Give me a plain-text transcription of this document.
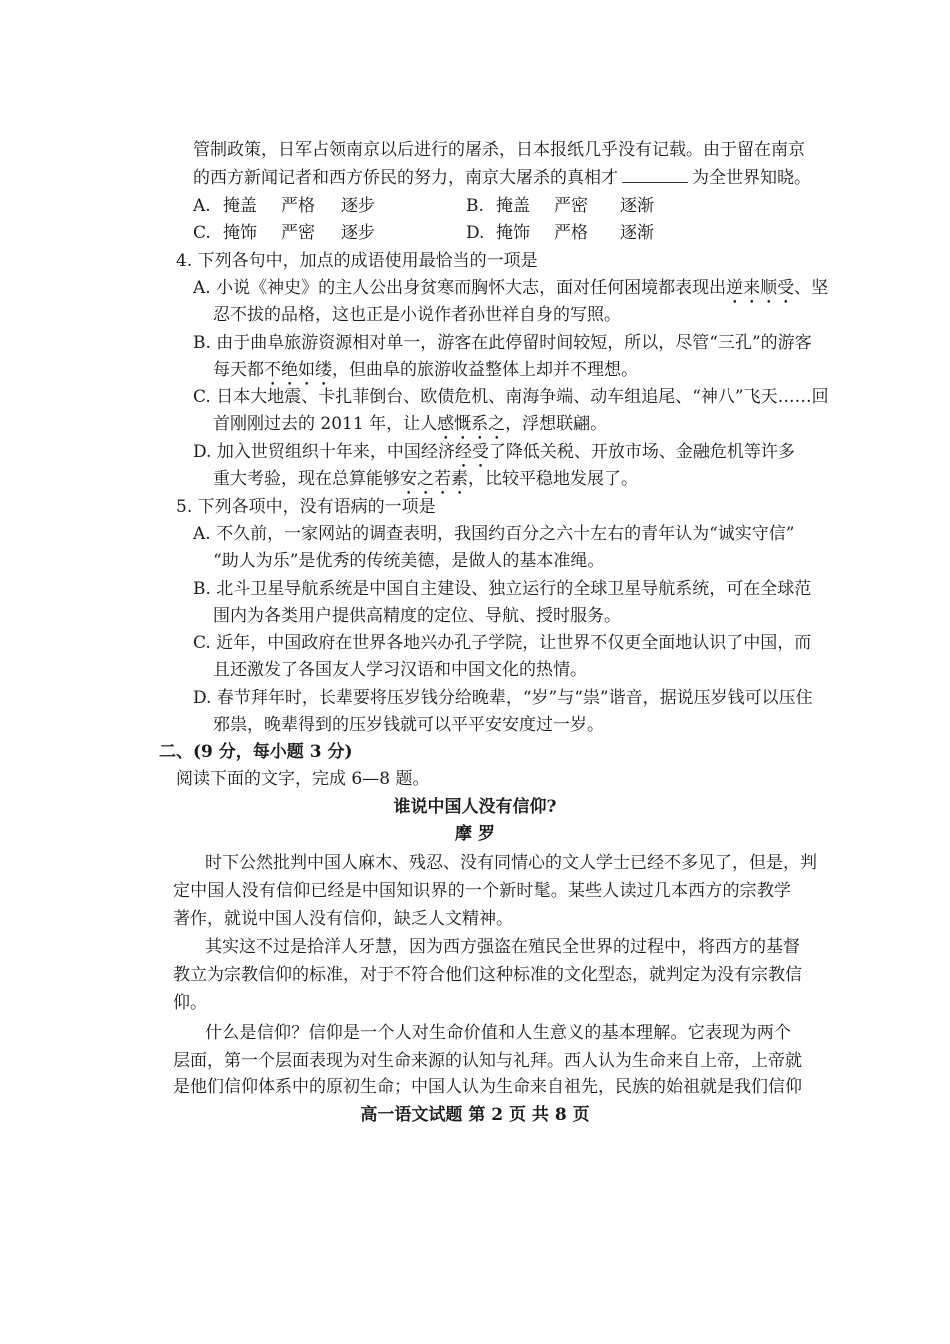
管制政策，日军占领南京以后进行的屠杀，日本报纸几乎没有记载。由于留在南京
的西方新闻记者和西方侨民的努力，南京大屠杀的真相才	为全世界知晓。
A. 掩盖 严格 逐步	B. 掩盖 严密 逐渐
C. 掩饰 严密 逐步	D. 掩饰 严格 逐渐
4. 下列各句中，加点的成语使用最恰当的一项是
A. 小说《神史》的主人公出身贫寒而胸怀大志，面对任何困境都表现出逆来顺受、坚
忍不拔的品格，这也正是小说作者孙世祥自身的写照。
B. 由于曲阜旅游资源相对单一，游客在此停留时间较短，所以，尽管“三孔”的游客
每天都不绝如缕，但曲阜的旅游收益整体上却并不理想。
C. 日本大地震、卡扎菲倒台、欧债危机、南海争端、动车组追尾、“神八”飞天……回
首刚刚过去的 2011 年，让人感慨系之，浮想联翩。
D. 加入世贸组织十年来，中国经济经受了降低关税、开放市场、金融危机等许多
重大考验，现在总算能够安之若素，比较平稳地发展了。
5. 下列各项中，没有语病的一项是
A. 不久前，一家网站的调查表明，我国约百分之六十左右的青年认为“诚实守信”
“助人为乐”是优秀的传统美德，是做人的基本准绳。
B. 北斗卫星导航系统是中国自主建设、独立运行的全球卫星导航系统，可在全球范
围内为各类用户提供高精度的定位、导航、授时服务。
C. 近年，中国政府在世界各地兴办孔子学院，让世界不仅更全面地认识了中国，而
且还激发了各国友人学习汉语和中国文化的热情。
D. 春节拜年时，长辈要将压岁钱分给晚辈，“岁”与“祟”谐音，据说压岁钱可以压住
邪祟，晚辈得到的压岁钱就可以平平安安度过一岁。
二、(9 分，每小题 3 分)
阅读下面的文字，完成 6—8 题。
谁说中国人没有信仰?
摩 罗
时下公然批判中国人麻木、残忍、没有同情心的文人学士已经不多见了，但是，判
定中国人没有信仰已经是中国知识界的一个新时髦。某些人读过几本西方的宗教学
著作，就说中国人没有信仰，缺乏人文精神。
其实这不过是拾洋人牙慧，因为西方强盗在殖民全世界的过程中，将西方的基督
教立为宗教信仰的标准，对于不符合他们这种标准的文化型态，就判定为没有宗教信
仰。
什么是信仰？信仰是一个人对生命价值和人生意义的基本理解。它表现为两个
层面，第一个层面表现为对生命来源的认知与礼拜。西人认为生命来自上帝，上帝就
是他们信仰体系中的原初生命；中国人认为生命来自祖先，民族的始祖就是我们信仰
高一语文试题 第 2 页 共 8 页
